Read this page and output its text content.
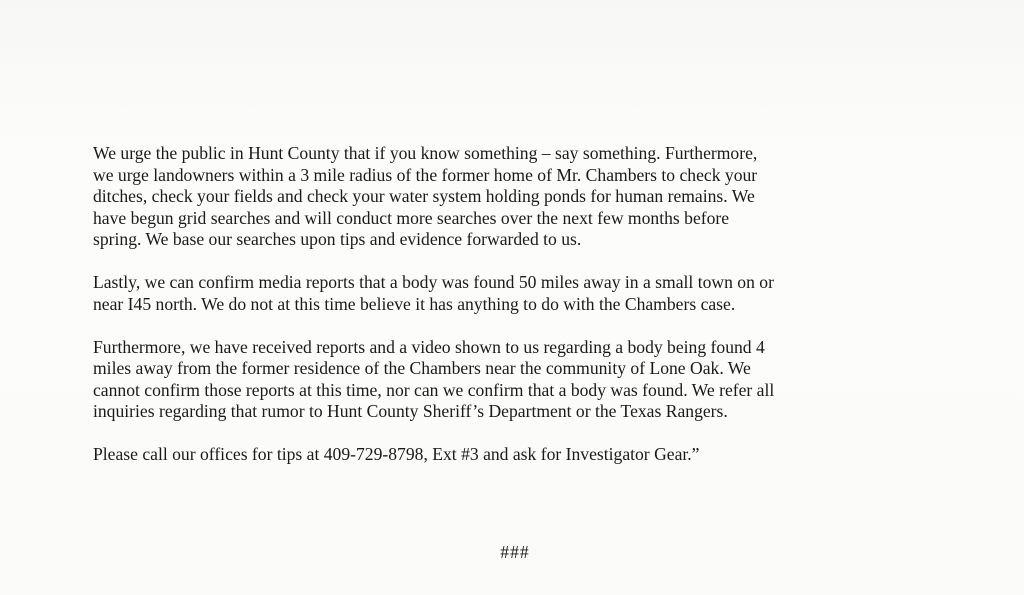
We urge the public in Hunt County that if you know something – say something. Furthermore,
we urge landowners within a 3 mile radius of the former home of Mr. Chambers to check your
ditches, check your fields and check your water system holding ponds for human remains. We
have begun grid searches and will conduct more searches over the next few months before
spring. We base our searches upon tips and evidence forwarded to us.

Lastly, we can confirm media reports that a body was found 50 miles away in a small town on or
near I45 north. We do not at this time believe it has anything to do with the Chambers case.

Furthermore, we have received reports and a video shown to us regarding a body being found 4
miles away from the former residence of the Chambers near the community of Lone Oak. We
cannot confirm those reports at this time, nor can we confirm that a body was found. We refer all
inquiries regarding that rumor to Hunt County Sheriff’s Department or the Texas Rangers.

Please call our offices for tips at 409-729-8798, Ext #3 and ask for Investigator Gear.”

###
